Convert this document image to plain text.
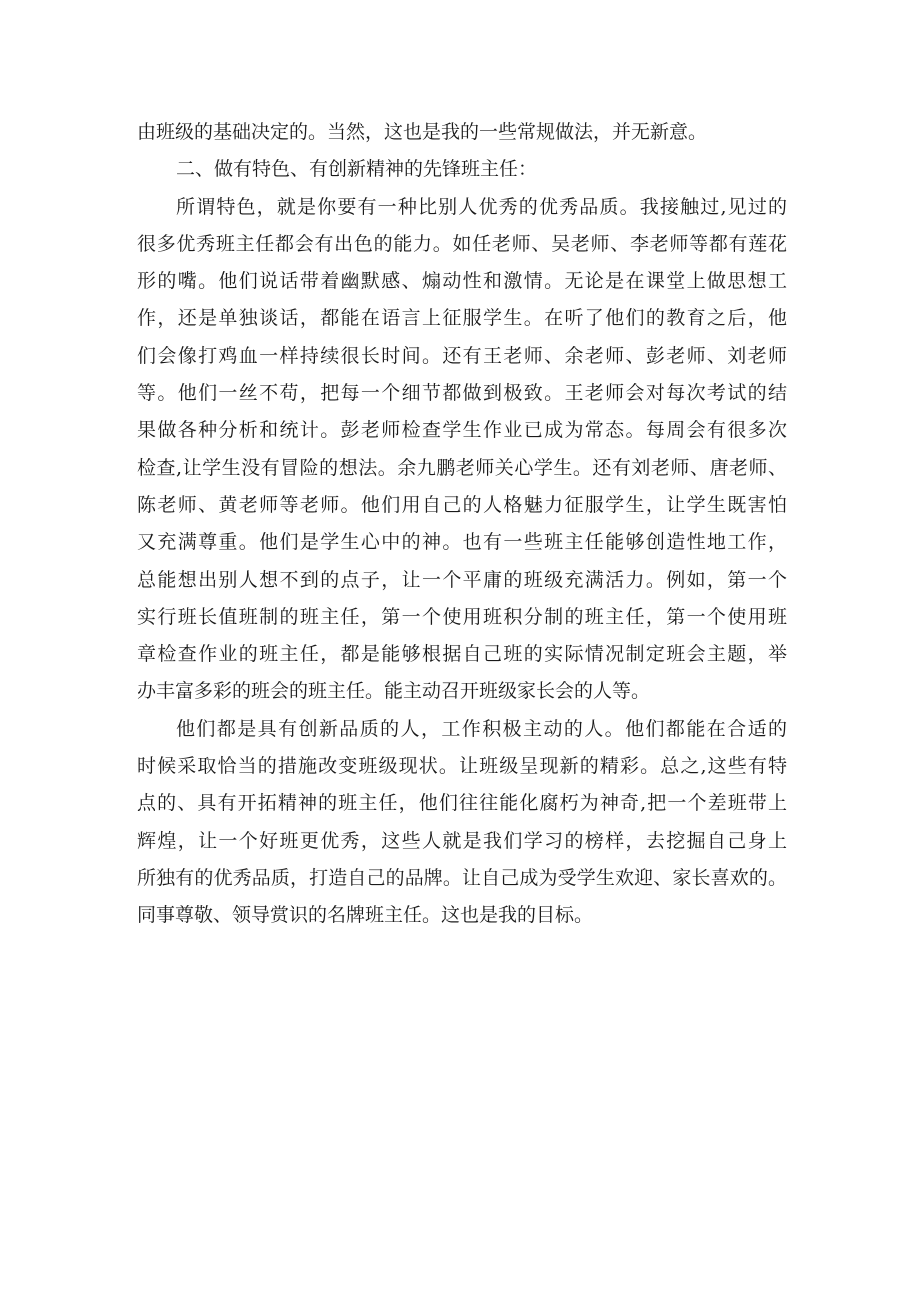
由班级的基础决定的。当然，这也是我的一些常规做法，并无新意。
二、做有特色、有创新精神的先锋班主任：
所谓特色，就是你要有一种比别人优秀的优秀品质。我接触过,见过的
很多优秀班主任都会有出色的能力。如任老师、吴老师、李老师等都有莲花
形的嘴。他们说话带着幽默感、煽动性和激情。无论是在课堂上做思想工
作，还是单独谈话，都能在语言上征服学生。在听了他们的教育之后，他
们会像打鸡血一样持续很长时间。还有王老师、余老师、彭老师、刘老师
等。他们一丝不苟，把每一个细节都做到极致。王老师会对每次考试的结
果做各种分析和统计。彭老师检查学生作业已成为常态。每周会有很多次
检查,让学生没有冒险的想法。余九鹏老师关心学生。还有刘老师、唐老师、
陈老师、黄老师等老师。他们用自己的人格魅力征服学生，让学生既害怕
又充满尊重。他们是学生心中的神。也有一些班主任能够创造性地工作，
总能想出别人想不到的点子，让一个平庸的班级充满活力。例如，第一个
实行班长值班制的班主任，第一个使用班积分制的班主任，第一个使用班
章检查作业的班主任，都是能够根据自己班的实际情况制定班会主题，举
办丰富多彩的班会的班主任。能主动召开班级家长会的人等。
他们都是具有创新品质的人，工作积极主动的人。他们都能在合适的
时候采取恰当的措施改变班级现状。让班级呈现新的精彩。总之,这些有特
点的、具有开拓精神的班主任，他们往往能化腐朽为神奇,把一个差班带上
辉煌，让一个好班更优秀，这些人就是我们学习的榜样，去挖掘自己身上
所独有的优秀品质，打造自己的品牌。让自己成为受学生欢迎、家长喜欢的。
同事尊敬、领导赏识的名牌班主任。这也是我的目标。
